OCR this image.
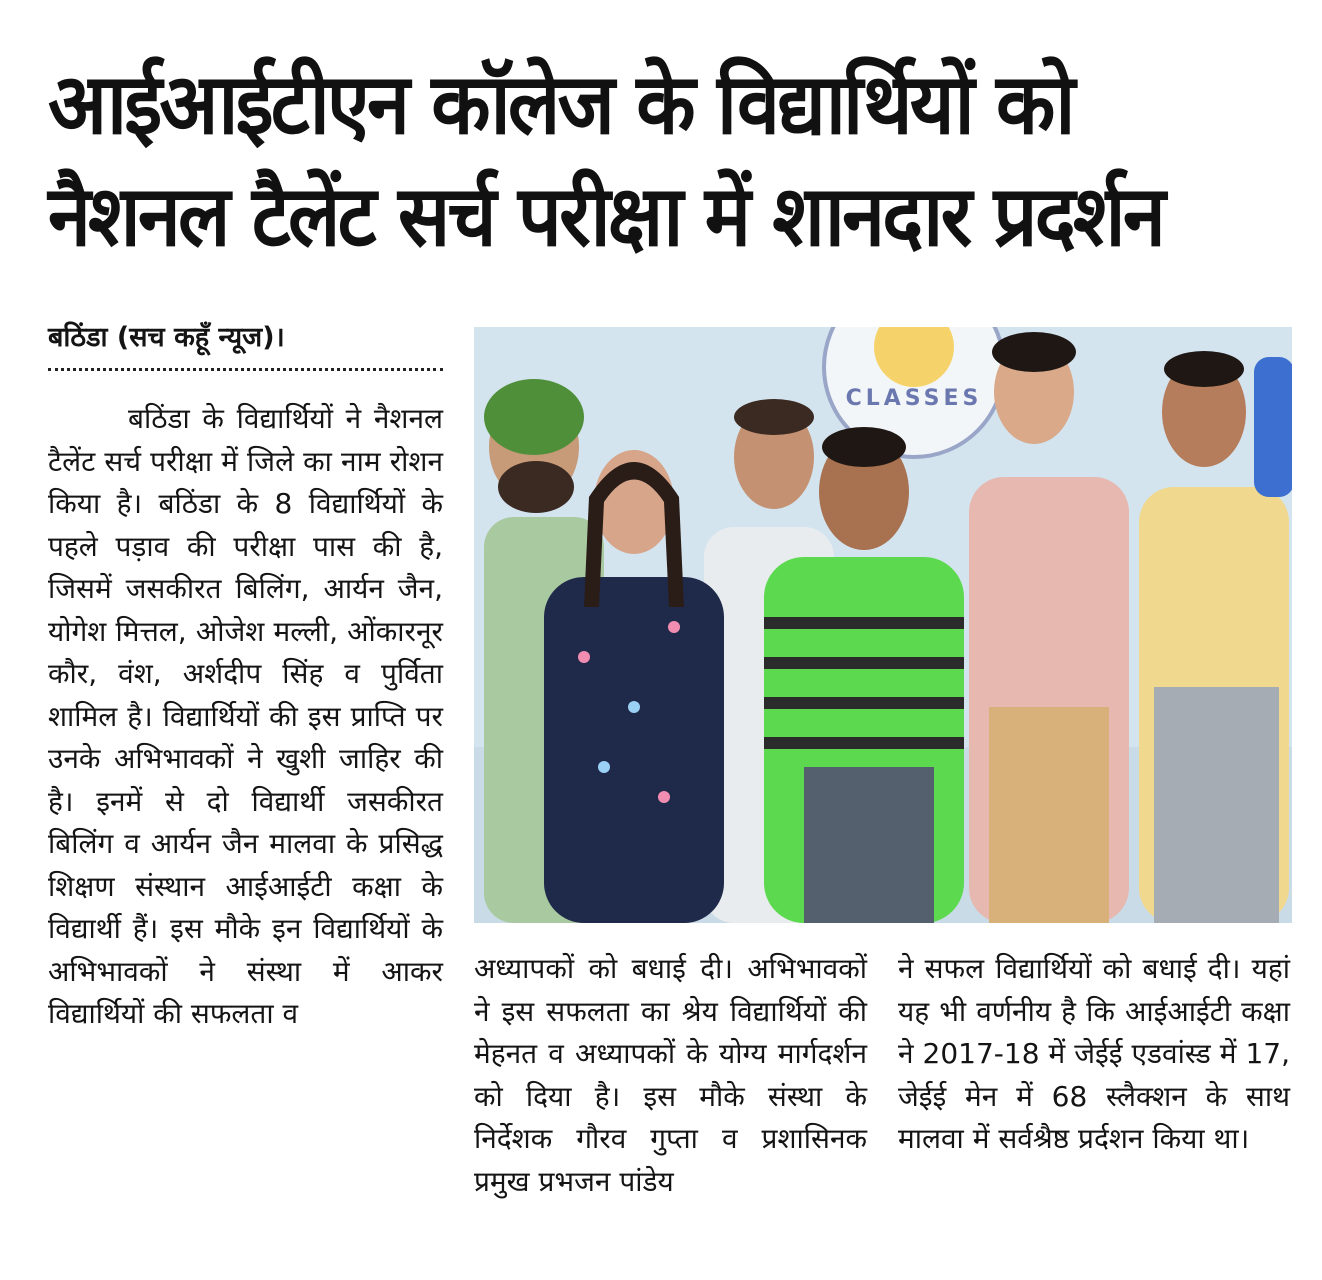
आईआईटीएन कॉलेज के विद्यार्थियों को
नैशनल टैलेंट सर्च परीक्षा में शानदार प्रदर्शन
बठिंडा (सच कहूँ न्यूज)।

बठिंडा के विद्यार्थियों ने नैशनल टैलेंट सर्च परीक्षा में जिले का नाम रोशन किया है। बठिंडा के 8 विद्यार्थियों के पहले पड़ाव की परीक्षा पास की है, जिसमें जसकीरत बिलिंग, आर्यन जैन, योगेश मित्तल, ओजेश मल्ली, ओंकारनूर कौर, वंश, अर्शदीप सिंह व पुर्विता शामिल है। विद्यार्थियों की इस प्राप्ति पर उनके अभिभावकों ने खुशी जाहिर की है। इनमें से दो विद्यार्थी जसकीरत बिलिंग व आर्यन जैन मालवा के प्रसिद्ध शिक्षण संस्थान आईआईटी कक्षा के विद्यार्थी हैं। इस मौके इन विद्यार्थियों के अभिभावकों ने संस्था में आकर विद्यार्थियों की सफलता व

CLASSES

अध्यापकों को बधाई दी। अभिभावकों ने इस सफलता का श्रेय विद्यार्थियों की मेहनत व अध्यापकों के योग्य मार्गदर्शन को दिया है। इस मौके संस्था के निर्देशक गौरव गुप्ता व प्रशासिनक प्रमुख प्रभजन पांडेय

ने सफल विद्यार्थियों को बधाई दी। यहां यह भी वर्णनीय है कि आईआईटी कक्षा ने 2017-18 में जेईई एडवांस्ड में 17, जेईई मेन में 68 स्लैक्शन के साथ मालवा में सर्वश्रैष्ठ प्रर्दशन किया था।
